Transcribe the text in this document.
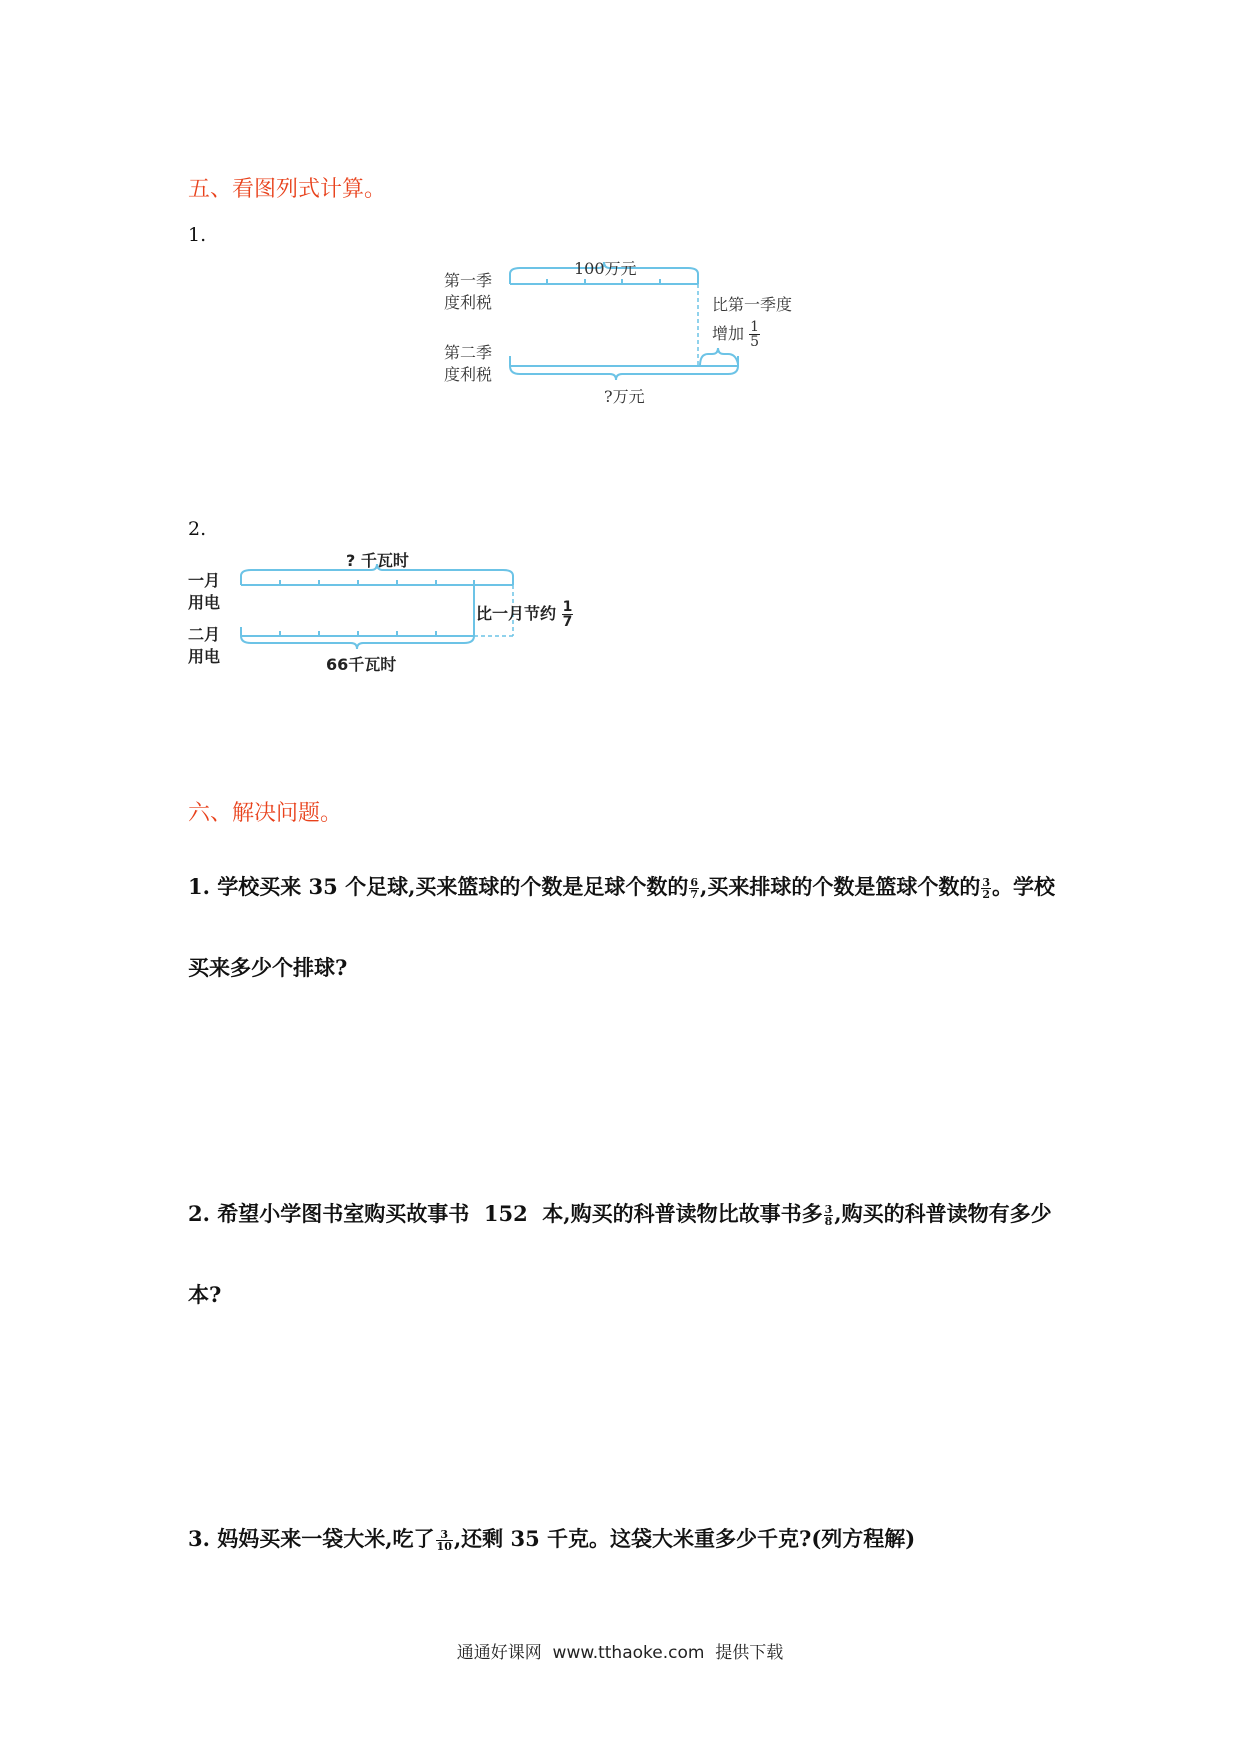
五、看图列式计算。
1.
第一季
度利税
第二季
度利税
100万元
?万元
比第一季度
增加 $\frac{1}{5}$
2.
一月
用电
二月
用电
? 千瓦时
66千瓦时
比一月节约 $\frac{1}{7}$
六、解决问题。
1. 学校买来 35 个足球,买来篮球的个数是足球个数的 $\frac{6}{7}$ ,买来排球的个数是篮球个数的 $\frac{3}{2}$ 。学校
买来多少个排球?
2. 希望小学图书室购买故事书  152  本,购买的科普读物比故事书多 $\frac{3}{8}$ ,购买的科普读物有多少
本?
3. 妈妈买来一袋大米,吃了 $\frac{3}{10}$ ,还剩 35 千克。这袋大米重多少千克?(列方程解)
通通好课网  www.tthaoke.com  提供下载
